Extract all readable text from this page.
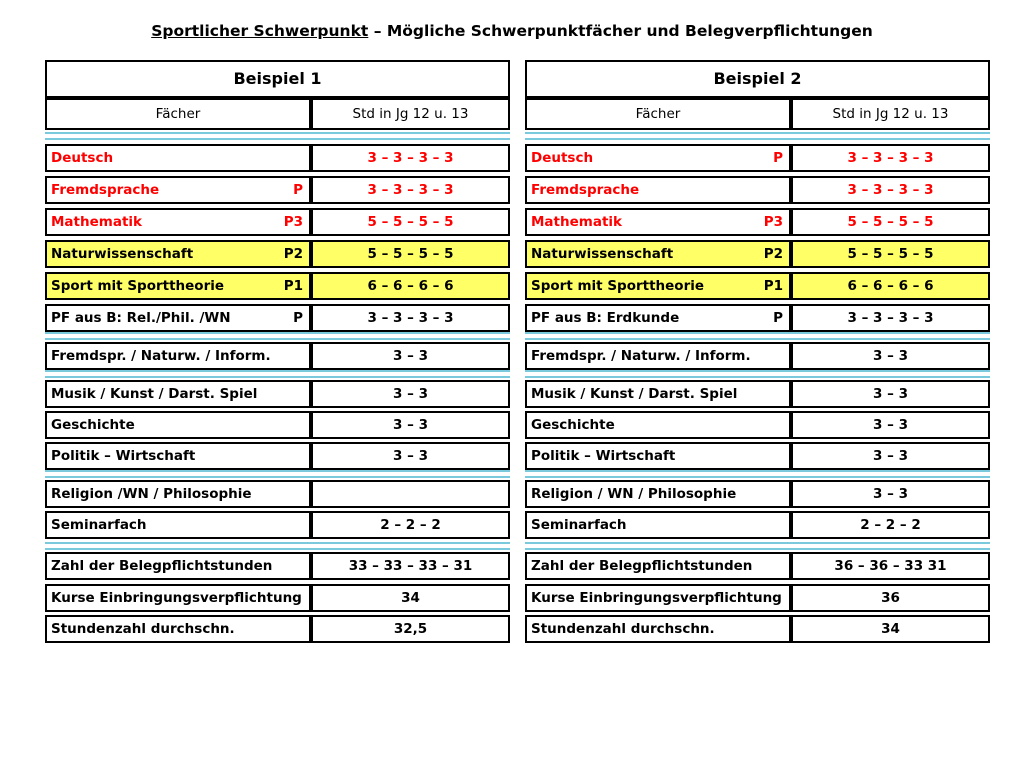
Sportlicher Schwerpunkt – Mögliche Schwerpunktfächer und Belegverpflichtungen
Beispiel 1
Fächer	Std in Jg 12 u. 13
Deutsch	3 – 3 – 3 – 3
Fremdsprache	P	3 – 3 – 3 – 3
Mathematik	P3	5 – 5 – 5 – 5
Naturwissenschaft	P2	5 – 5 – 5 – 5
Sport mit Sporttheorie	P1	6 – 6 – 6 – 6
PF aus B: Rel./Phil. /WN	P	3 – 3 – 3 – 3
Fremdspr. / Naturw. / Inform.	3 – 3
Musik / Kunst / Darst. Spiel	3 – 3
Geschichte	3 – 3
Politik – Wirtschaft	3 – 3
Religion /WN / Philosophie
Seminarfach	2 – 2 – 2
Zahl der Belegpflichtstunden	33 – 33 – 33 – 31
Kurse Einbringungsverpflichtung	34
Stundenzahl durchschn.	32,5
Beispiel 2
Fächer	Std in Jg 12 u. 13
Deutsch	P	3 – 3 – 3 – 3
Fremdsprache	3 – 3 – 3 – 3
Mathematik	P3	5 – 5 – 5 – 5
Naturwissenschaft	P2	5 – 5 – 5 – 5
Sport mit Sporttheorie	P1	6 – 6 – 6 – 6
PF aus B: Erdkunde	P	3 – 3 – 3 – 3
Fremdspr. / Naturw. / Inform.	3 – 3
Musik / Kunst / Darst. Spiel	3 – 3
Geschichte	3 – 3
Politik – Wirtschaft	3 – 3
Religion / WN / Philosophie	3 – 3
Seminarfach	2 – 2 – 2
Zahl der Belegpflichtstunden	36 – 36 – 33 31
Kurse Einbringungsverpflichtung	36
Stundenzahl durchschn.	34
